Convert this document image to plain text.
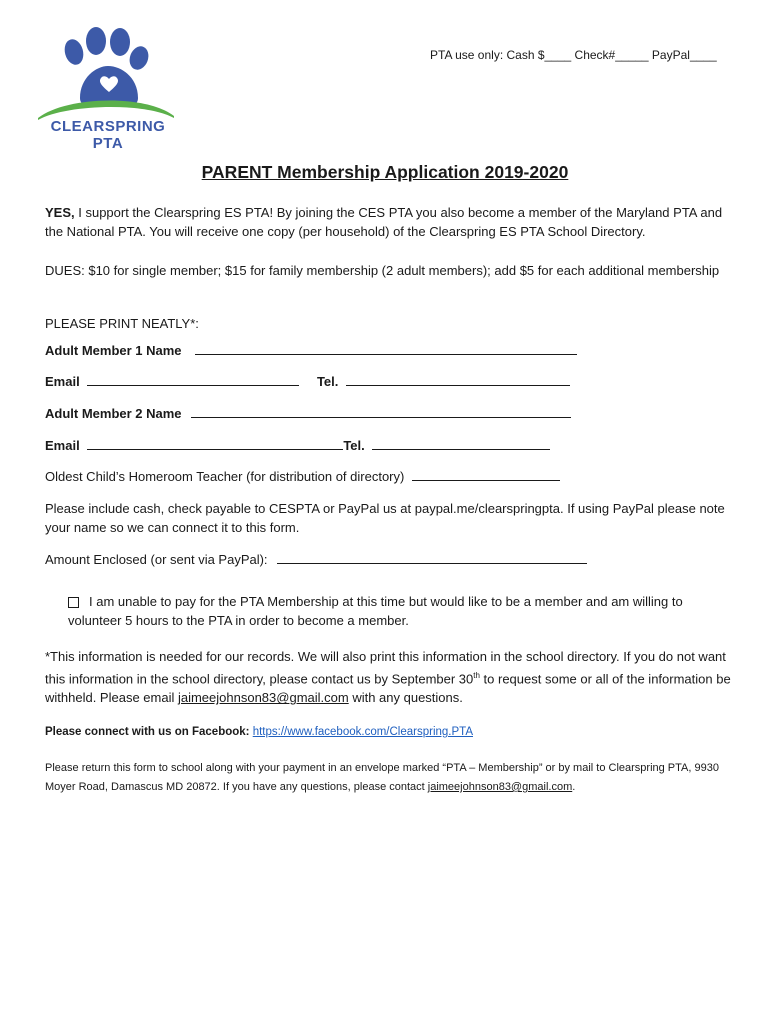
CLEARSPRING PTA
PTA use only: Cash $____ Check#_____ PayPal____
PARENT Membership Application 2019-2020
YES, I support the Clearspring ES PTA! By joining the CES PTA you also become a member of the Maryland PTA and the National PTA. You will receive one copy (per household) of the Clearspring ES PTA School Directory.
DUES: $10 for single member; $15 for family membership (2 adult members); add $5 for each additional membership
PLEASE PRINT NEATLY*:
Adult Member 1 Name
Email	Tel.
Adult Member 2 Name
Email	Tel.
Oldest Child’s Homeroom Teacher (for distribution of directory)
Please include cash, check payable to CESPTA or PayPal us at paypal.me/clearspringpta. If using PayPal please note your name so we can connect it to this form.
Amount Enclosed (or sent via PayPal):
I am unable to pay for the PTA Membership at this time but would like to be a member and am willing to volunteer 5 hours to the PTA in order to become a member.
*This information is needed for our records. We will also print this information in the school directory. If you do not want this information in the school directory, please contact us by September 30th to request some or all of the information be withheld. Please email jaimeejohnson83@gmail.com with any questions.
Please connect with us on Facebook: https://www.facebook.com/Clearspring.PTA
Please return this form to school along with your payment in an envelope marked “PTA – Membership” or by mail to Clearspring PTA, 9930 Moyer Road, Damascus MD 20872. If you have any questions, please contact jaimeejohnson83@gmail.com.
